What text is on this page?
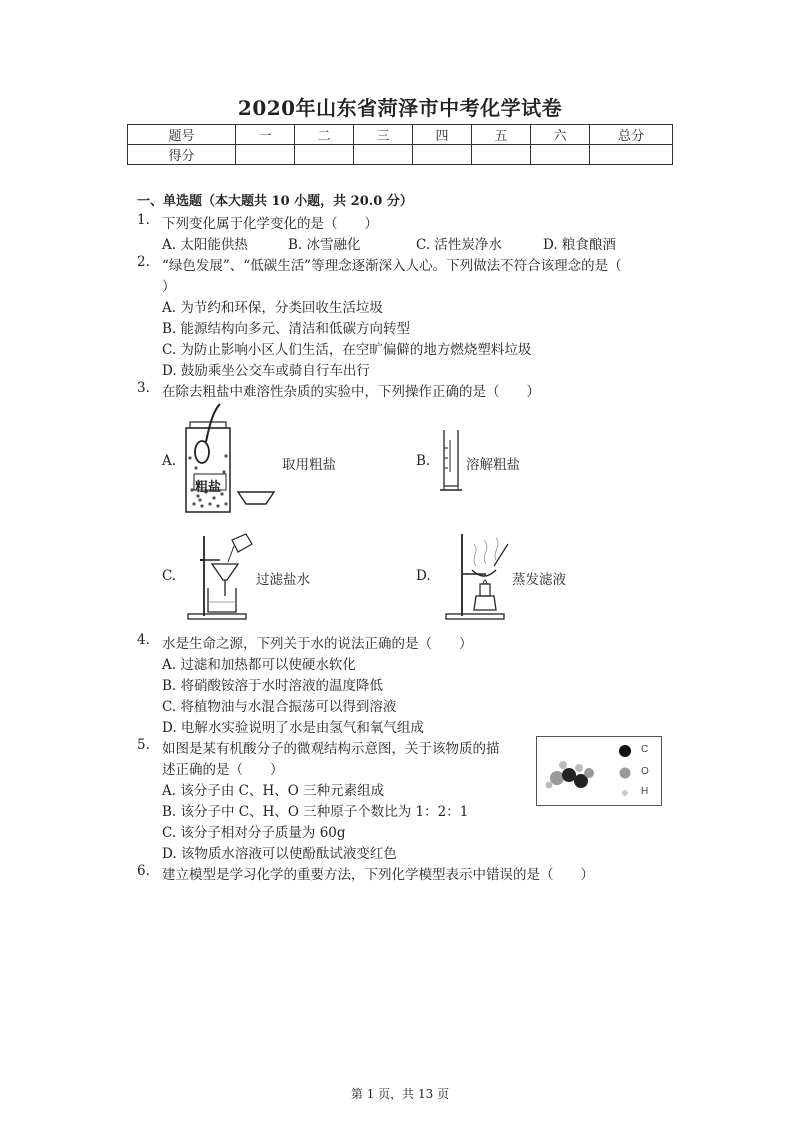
2020年山东省菏泽市中考化学试卷
题号	一	二	三	四	五	六	总分
得分							
一、单选题（本大题共 10 小题，共 20.0 分）
1. 下列变化属于化学变化的是（　　）
A. 太阳能供热	B. 冰雪融化	C. 活性炭净水	D. 粮食酿酒
2. “绿色发展”、“低碳生活”等理念逐渐深入人心。下列做法不符合该理念的是（
）
A. 为节约和环保，分类回收生活垃圾
B. 能源结构向多元、清洁和低碳方向转型
C. 为防止影响小区人们生活，在空旷偏僻的地方燃烧塑料垃圾
D. 鼓励乘坐公交车或骑自行车出行
3. 在除去粗盐中难溶性杂质的实验中，下列操作正确的是（　　）
A.
粗盐
取用粗盐	B.	溶解粗盐
C.	过滤盐水	D.	蒸发滤液
4. 水是生命之源，下列关于水的说法正确的是（　　）
A. 过滤和加热都可以使硬水软化
B. 将硝酸铵溶于水时溶液的温度降低
C. 将植物油与水混合振荡可以得到溶液
D. 电解水实验说明了水是由氢气和氧气组成
5. 如图是某有机酸分子的微观结构示意图，关于该物质的描
述正确的是（　　）
A. 该分子由 C、H、O 三种元素组成
B. 该分子中 C、H、O 三种原子个数比为 1：2：1
C. 该分子相对分子质量为 60g
D. 该物质水溶液可以使酚酞试液变红色
C
O
H
6. 建立模型是学习化学的重要方法，下列化学模型表示中错误的是（　　）
第 1 页，共 13 页
